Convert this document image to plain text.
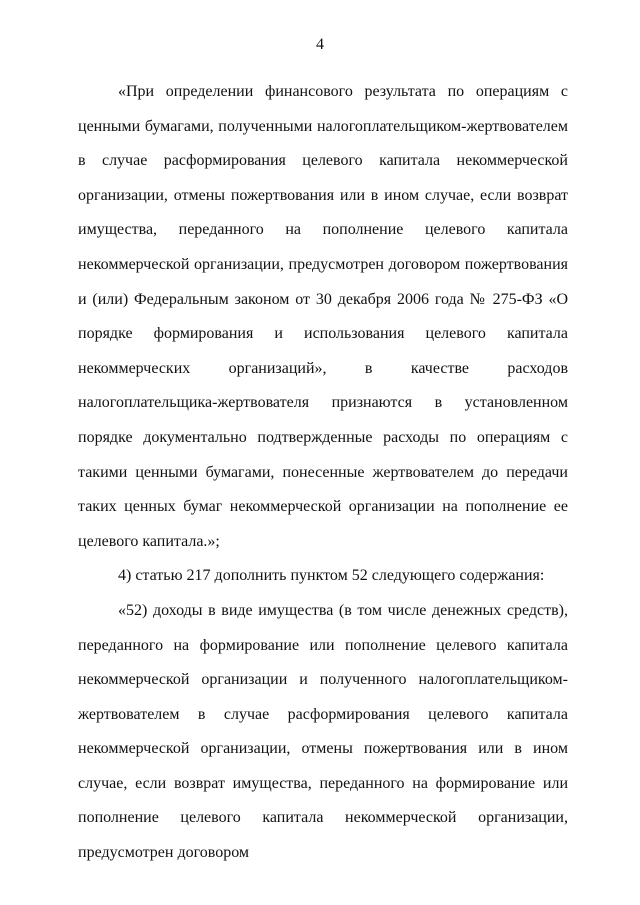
4

«При определении финансового результата по операциям с ценными бумагами, полученными налогоплательщиком-жертвователем в случае расформирования целевого капитала некоммерческой организации, отмены пожертвования или в ином случае, если возврат имущества, переданного на пополнение целевого капитала некоммерческой организации, предусмотрен договором пожертвования и (или) Федеральным законом от 30 декабря 2006 года № 275-ФЗ «О порядке формирования и использования целевого капитала некоммерческих организаций», в качестве расходов налогоплательщика-жертвователя признаются в установленном порядке документально подтвержденные расходы по операциям с такими ценными бумагами, понесенные жертвователем до передачи таких ценных бумаг некоммерческой организации на пополнение ее целевого капитала.»;

4) статью 217 дополнить пунктом 52 следующего содержания:

«52) доходы в виде имущества (в том числе денежных средств), переданного на формирование или пополнение целевого капитала некоммерческой организации и полученного налогоплательщиком-жертвователем в случае расформирования целевого капитала некоммерческой организации, отмены пожертвования или в ином случае, если возврат имущества, переданного на формирование или пополнение целевого капитала некоммерческой организации, предусмотрен договором
